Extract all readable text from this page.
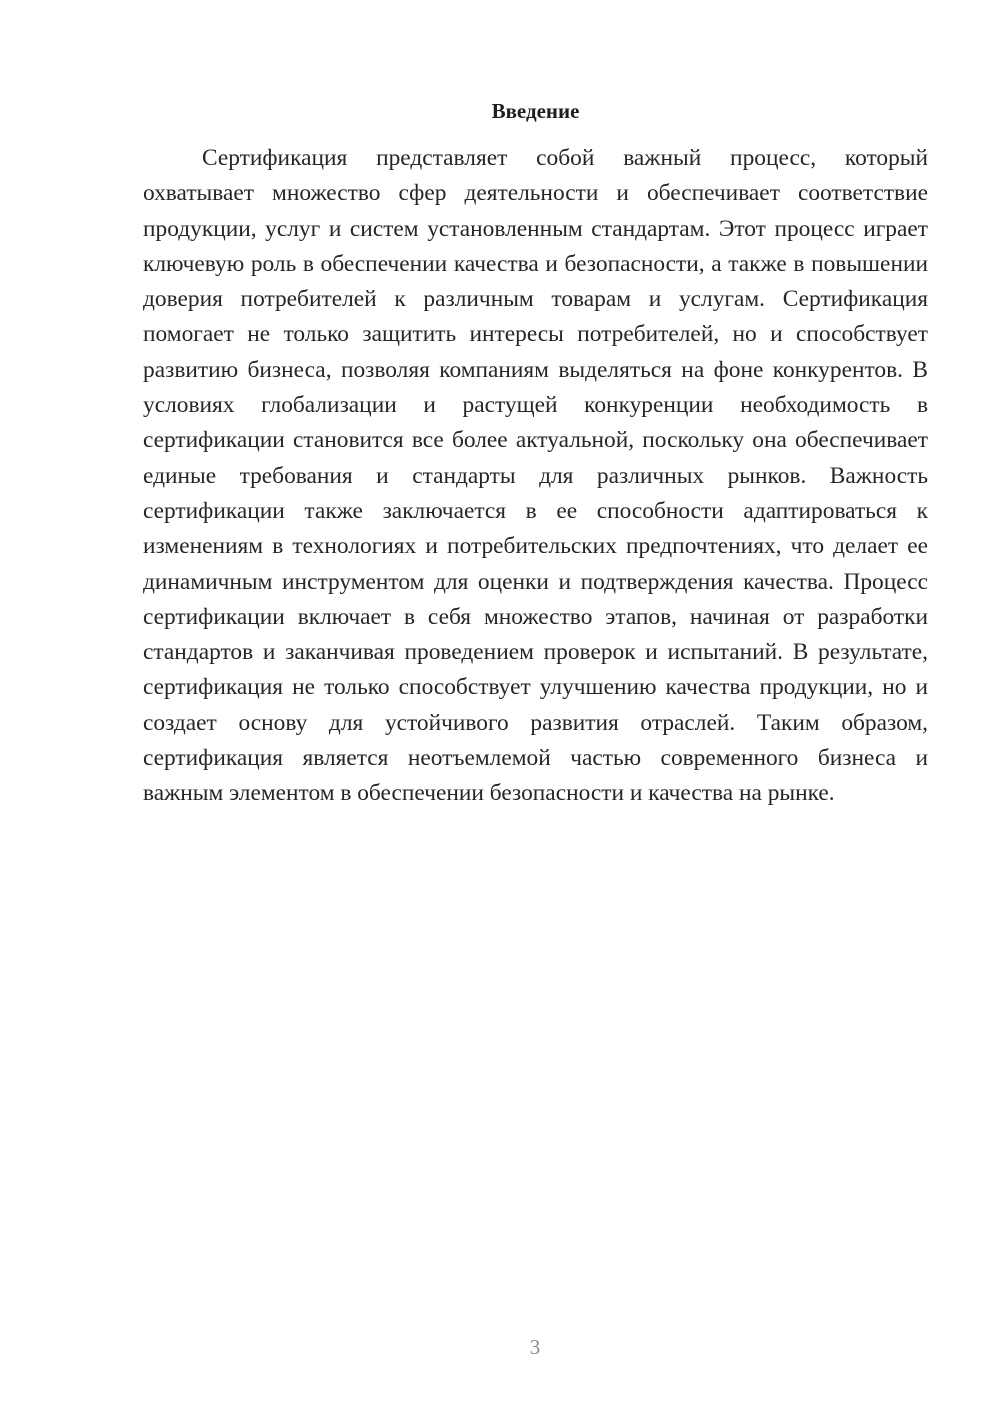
Введение

Сертификация представляет собой важный процесс, который охватывает множество сфер деятельности и обеспечивает соответствие продукции, услуг и систем установленным стандартам. Этот процесс играет ключевую роль в обеспечении качества и безопасности, а также в повышении доверия потребителей к различным товарам и услугам. Сертификация помогает не только защитить интересы потребителей, но и способствует развитию бизнеса, позволяя компаниям выделяться на фоне конкурентов. В условиях глобализации и растущей конкуренции необходимость в сертификации становится все более актуальной, поскольку она обеспечивает единые требования и стандарты для различных рынков. Важность сертификации также заключается в ее способности адаптироваться к изменениям в технологиях и потребительских предпочтениях, что делает ее динамичным инструментом для оценки и подтверждения качества. Процесс сертификации включает в себя множество этапов, начиная от разработки стандартов и заканчивая проведением проверок и испытаний. В результате, сертификация не только способствует улучшению качества продукции, но и создает основу для устойчивого развития отраслей. Таким образом, сертификация является неотъемлемой частью современного бизнеса и важным элементом в обеспечении безопасности и качества на рынке.

3
